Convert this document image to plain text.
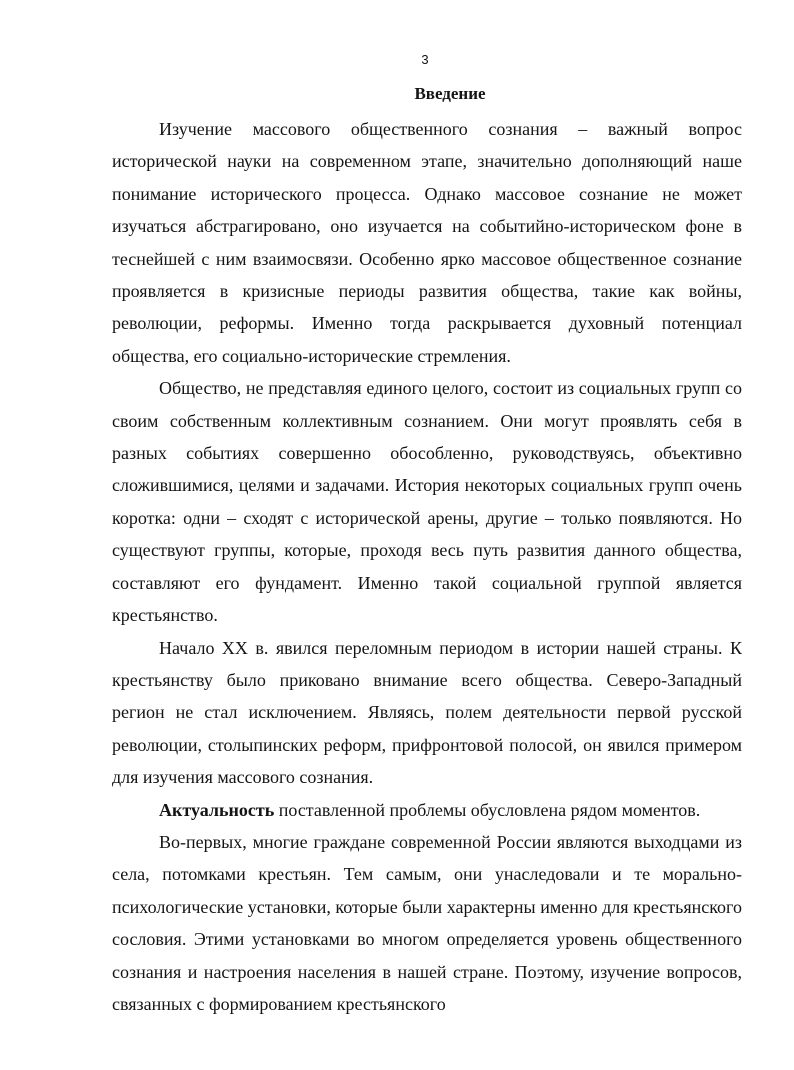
3
Введение

Изучение массового общественного сознания – важный вопрос исторической науки на современном этапе, значительно дополняющий наше понимание исторического процесса. Однако массовое сознание не может изучаться абстрагировано, оно изучается на событийно-историческом фоне в теснейшей с ним взаимосвязи. Особенно ярко массовое общественное сознание проявляется в кризисные периоды развития общества, такие как войны, революции, реформы. Именно тогда раскрывается духовный потенциал общества, его социально-исторические стремления.

Общество, не представляя единого целого, состоит из социальных групп со своим собственным коллективным сознанием. Они могут проявлять себя в разных событиях совершенно обособленно, руководствуясь, объективно сложившимися, целями и задачами. История некоторых социальных групп очень коротка: одни – сходят с исторической арены, другие – только появляются. Но существуют группы, которые, проходя весь путь развития данного общества, составляют его фундамент. Именно такой социальной группой является крестьянство.

Начало XX в. явился переломным периодом в истории нашей страны. К крестьянству было приковано внимание всего общества. Северо-Западный регион не стал исключением. Являясь, полем деятельности первой русской революции, столыпинских реформ, прифронтовой полосой, он явился примером для изучения массового сознания.

Актуальность поставленной проблемы обусловлена рядом моментов.

Во-первых, многие граждане современной России являются выходцами из села, потомками крестьян. Тем самым, они унаследовали и те морально-психологические установки, которые были характерны именно для крестьянского сословия. Этими установками во многом определяется уровень общественного сознания и настроения населения в нашей стране. Поэтому, изучение вопросов, связанных с формированием крестьянского
